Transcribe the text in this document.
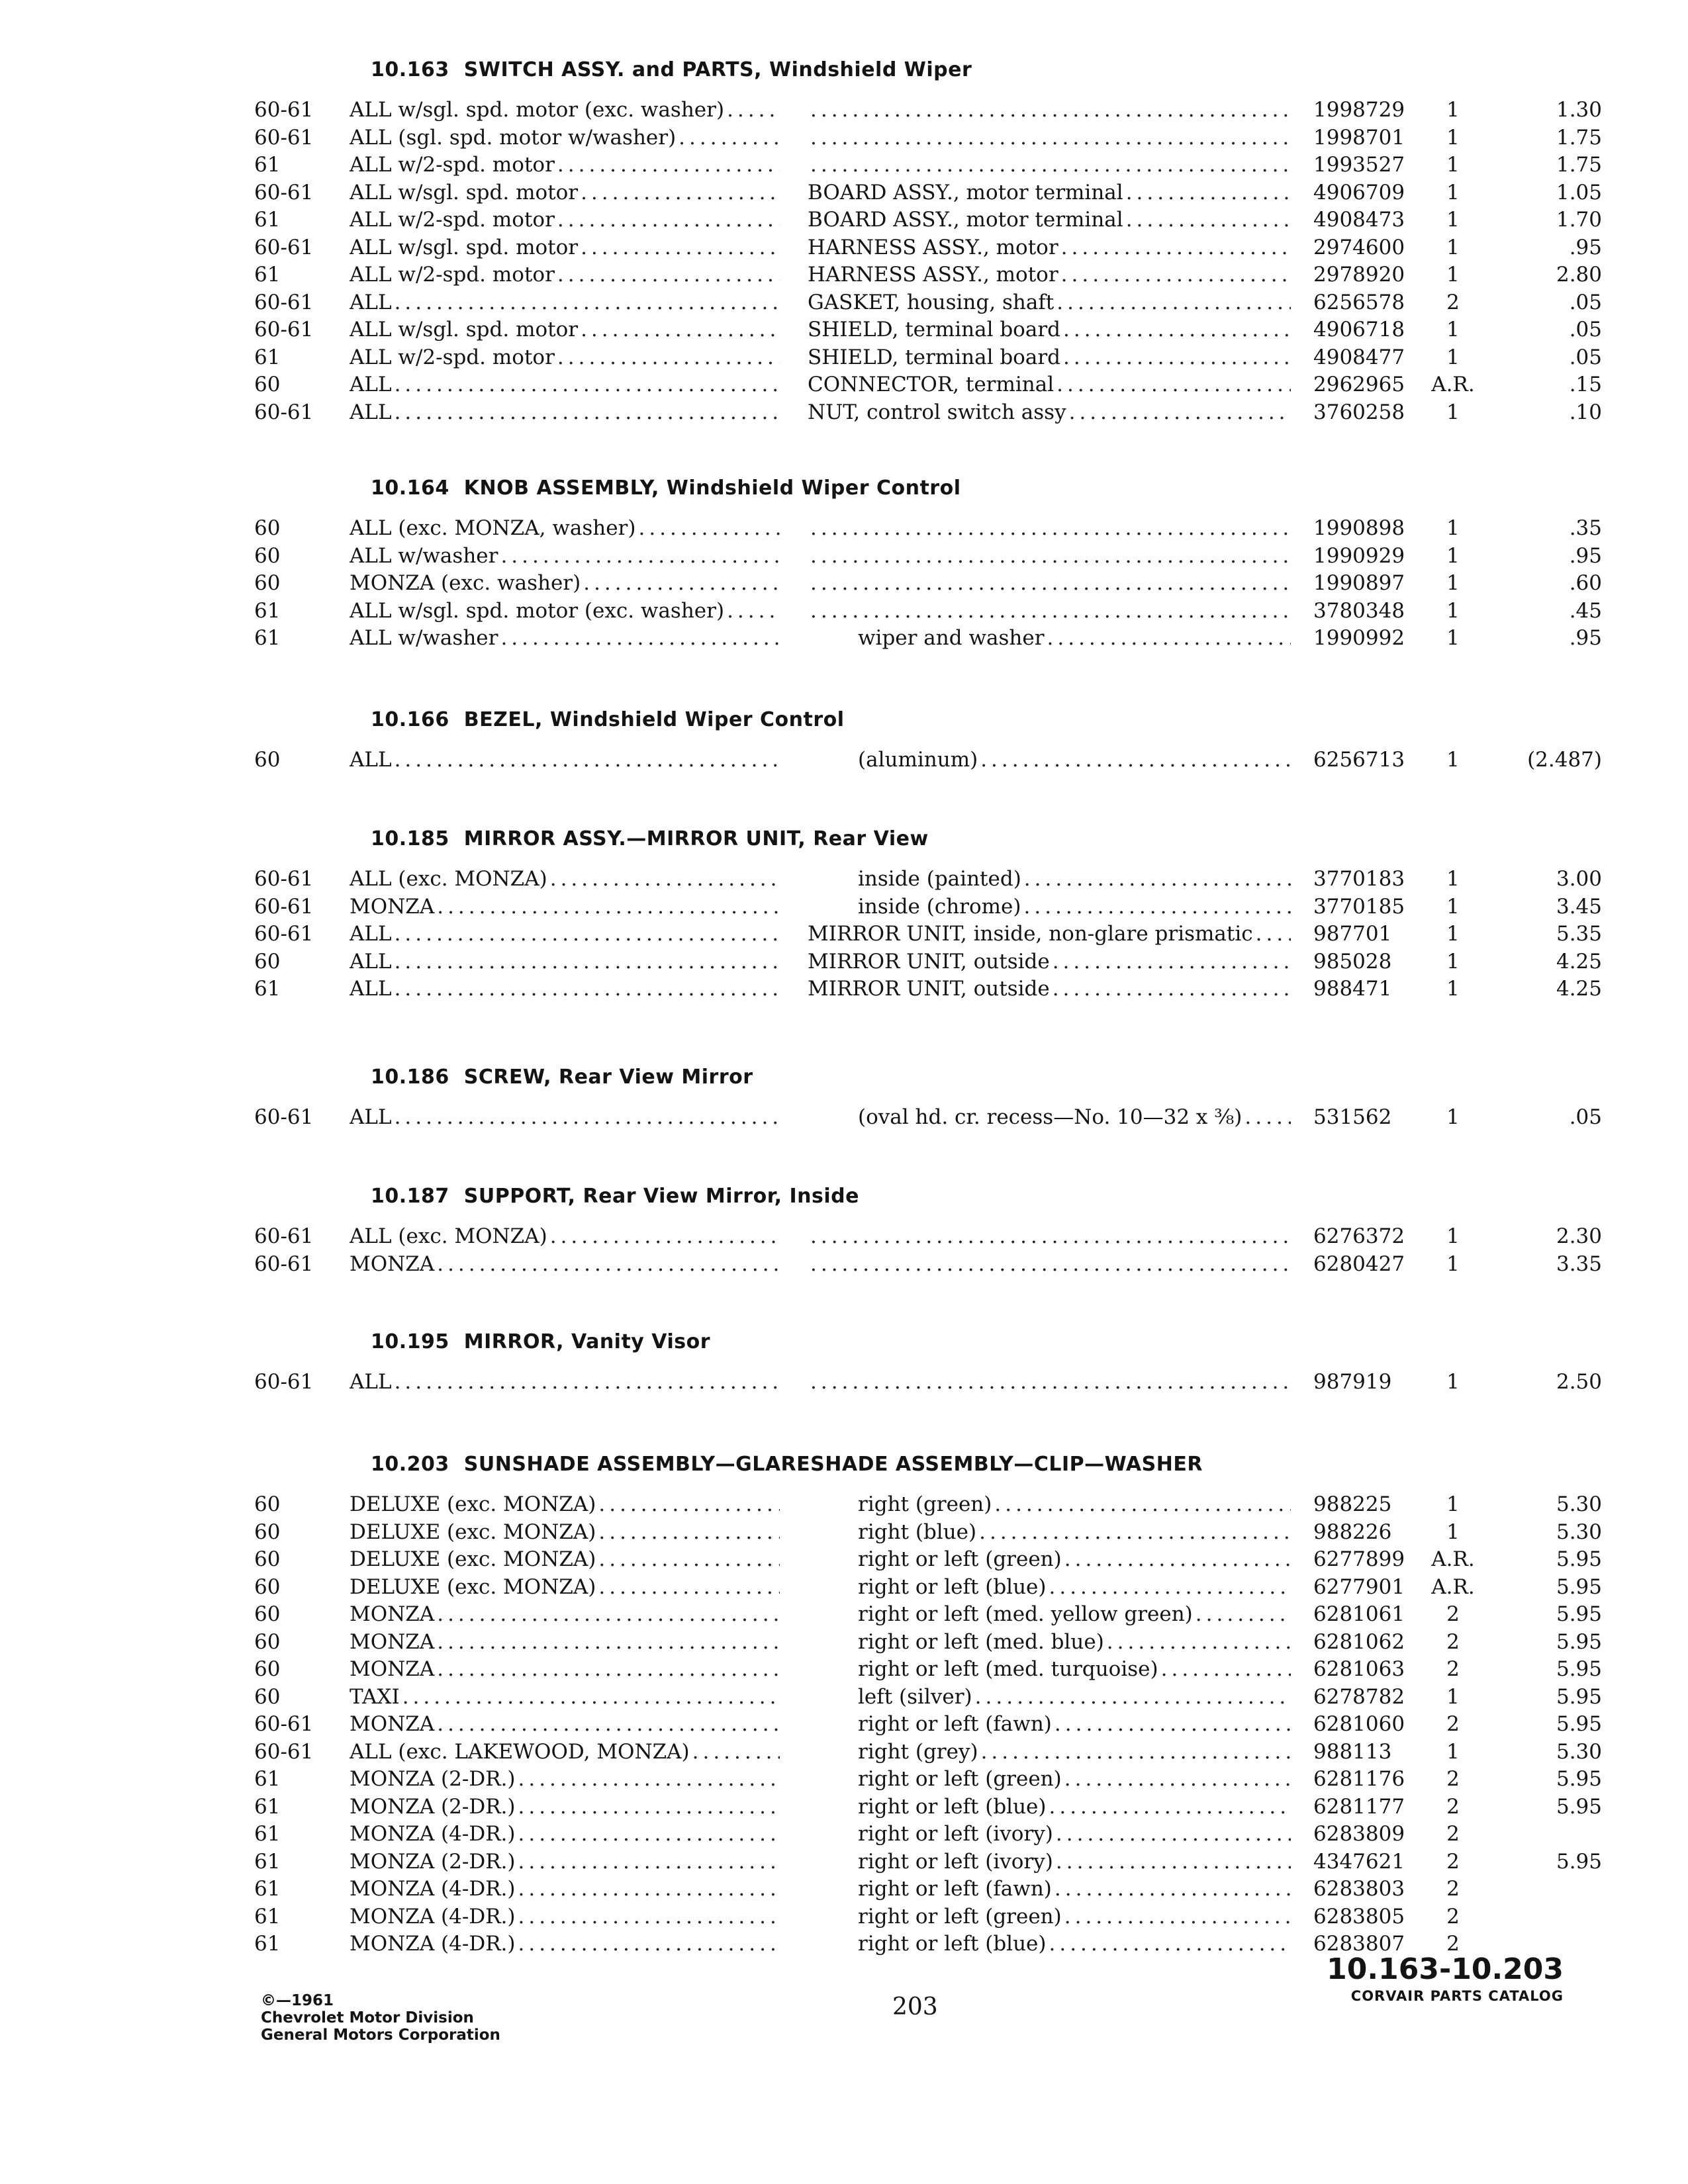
10.163 SWITCH ASSY. and PARTS, Windshield Wiper
60-61	ALL w/sgl. spd. motor (exc. washer) ..... .....	1998729	1	1.30
60-61	ALL (sgl. spd. motor w/washer) ..... .....	1998701	1	1.75
61	ALL w/2-spd. motor ..... .....	1993527	1	1.75
60-61	ALL w/sgl. spd. motor .....	BOARD ASSY., motor terminal .....	4906709	1	1.05
61	ALL w/2-spd. motor .....	BOARD ASSY., motor terminal .....	4908473	1	1.70
60-61	ALL w/sgl. spd. motor .....	HARNESS ASSY., motor .....	2974600	1	.95
61	ALL w/2-spd. motor .....	HARNESS ASSY., motor .....	2978920	1	2.80
60-61	ALL .....	GASKET, housing, shaft .....	6256578	2	.05
60-61	ALL w/sgl. spd. motor .....	SHIELD, terminal board .....	4906718	1	.05
61	ALL w/2-spd. motor .....	SHIELD, terminal board .....	4908477	1	.05
60	ALL .....	CONNECTOR, terminal .....	2962965	A.R.	.15
60-61	ALL .....	NUT, control switch assy .....	3760258	1	.10
10.164 KNOB ASSEMBLY, Windshield Wiper Control
60	ALL (exc. MONZA, washer) ..... .....	1990898	1	.35
60	ALL w/washer ..... .....	1990929	1	.95
60	MONZA (exc. washer) ..... .....	1990897	1	.60
61	ALL w/sgl. spd. motor (exc. washer) ..... .....	3780348	1	.45
61	ALL w/washer .....	wiper and washer .....	1990992	1	.95
10.166 BEZEL, Windshield Wiper Control
60	ALL .....	(aluminum) .....	6256713	1	(2.487)
10.185 MIRROR ASSY.—MIRROR UNIT, Rear View
60-61	ALL (exc. MONZA) .....	inside (painted) .....	3770183	1	3.00
60-61	MONZA .....	inside (chrome) .....	3770185	1	3.45
60-61	ALL .....	MIRROR UNIT, inside, non-glare prismatic .....	987701	1	5.35
60	ALL .....	MIRROR UNIT, outside .....	985028	1	4.25
61	ALL .....	MIRROR UNIT, outside .....	988471	1	4.25
10.186 SCREW, Rear View Mirror
60-61	ALL .....	(oval hd. cr. recess—No. 10—32 x ⅜) .....	531562	1	.05
10.187 SUPPORT, Rear View Mirror, Inside
60-61	ALL (exc. MONZA) ..... .....	6276372	1	2.30
60-61	MONZA ..... .....	6280427	1	3.35
10.195 MIRROR, Vanity Visor
60-61	ALL ..... .....	987919	1	2.50
10.203 SUNSHADE ASSEMBLY—GLARESHADE ASSEMBLY—CLIP—WASHER
60	DELUXE (exc. MONZA) .....	right (green) .....	988225	1	5.30
60	DELUXE (exc. MONZA) .....	right (blue) .....	988226	1	5.30
60	DELUXE (exc. MONZA) .....	right or left (green) .....	6277899	A.R.	5.95
60	DELUXE (exc. MONZA) .....	right or left (blue) .....	6277901	A.R.	5.95
60	MONZA .....	right or left (med. yellow green) .....	6281061	2	5.95
60	MONZA .....	right or left (med. blue) .....	6281062	2	5.95
60	MONZA .....	right or left (med. turquoise) .....	6281063	2	5.95
60	TAXI .....	left (silver) .....	6278782	1	5.95
60-61	MONZA .....	right or left (fawn) .....	6281060	2	5.95
60-61	ALL (exc. LAKEWOOD, MONZA) .....	right (grey) .....	988113	1	5.30
61	MONZA (2-DR.) .....	right or left (green) .....	6281176	2	5.95
61	MONZA (2-DR.) .....	right or left (blue) .....	6281177	2	5.95
61	MONZA (4-DR.) .....	right or left (ivory) .....	6283809	2
61	MONZA (2-DR.) .....	right or left (ivory) .....	4347621	2	5.95
61	MONZA (4-DR.) .....	right or left (fawn) .....	6283803	2
61	MONZA (4-DR.) .....	right or left (green) .....	6283805	2
61	MONZA (4-DR.) .....	right or left (blue) .....	6283807	2
©—1961
Chevrolet Motor Division
General Motors Corporation
203
10.163-10.203
CORVAIR PARTS CATALOG
